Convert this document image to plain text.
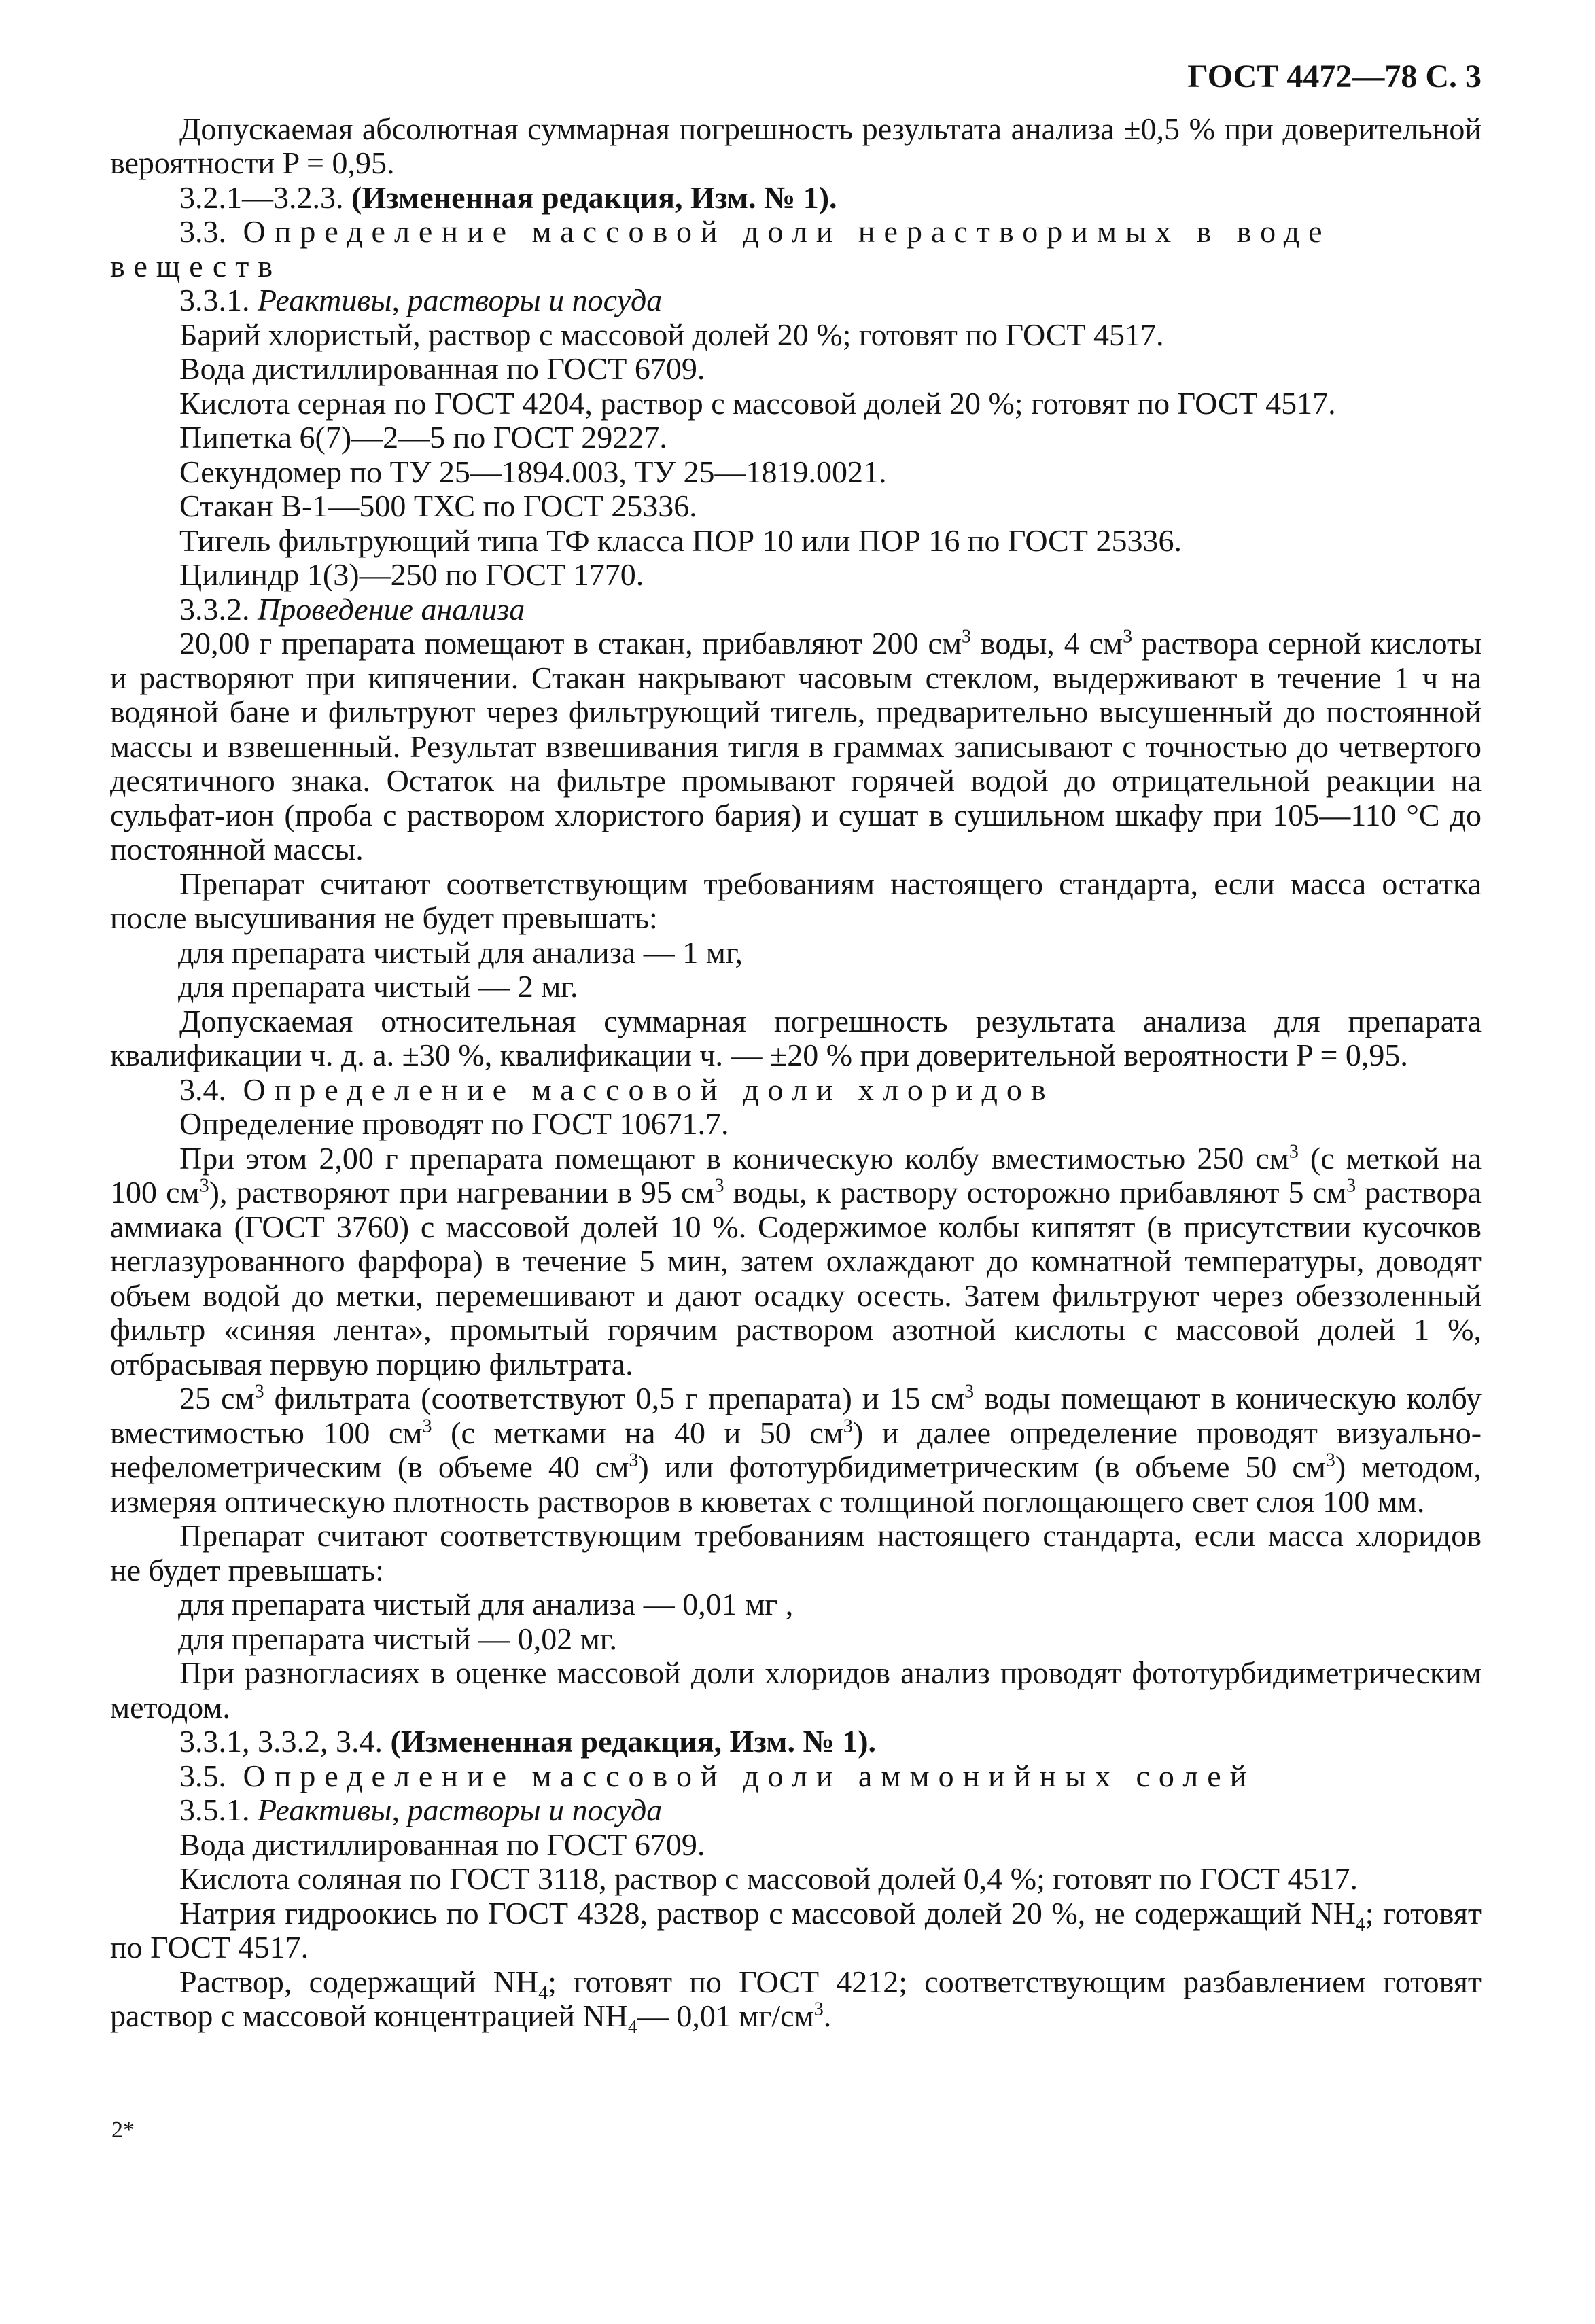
ГОСТ 4472—78 С. 3

Допускаемая абсолютная суммарная погрешность результата анализа ±0,5 % при доверительной вероятности P = 0,95.

3.2.1—3.2.3. (Измененная редакция, Изм. № 1).

3.3. Определение массовой доли нерастворимых в воде веществ

3.3.1. Реактивы, растворы и посуда

Барий хлористый, раствор с массовой долей 20 %; готовят по ГОСТ 4517.

Вода дистиллированная по ГОСТ 6709.

Кислота серная по ГОСТ 4204, раствор с массовой долей 20 %; готовят по ГОСТ 4517.

Пипетка 6(7)—2—5 по ГОСТ 29227.

Секундомер по ТУ 25—1894.003, ТУ 25—1819.0021.

Стакан В-1—500 ТХС по ГОСТ 25336.

Тигель фильтрующий типа ТФ класса ПОР 10 или ПОР 16 по ГОСТ 25336.

Цилиндр 1(3)—250 по ГОСТ 1770.

3.3.2. Проведение анализа

20,00 г препарата помещают в стакан, прибавляют 200 $см^3$ воды, 4 $см^3$ раствора серной кислоты и растворяют при кипячении. Стакан накрывают часовым стеклом, выдерживают в течение 1 ч на водяной бане и фильтруют через фильтрующий тигель, предварительно высушенный до постоянной массы и взвешенный. Результат взвешивания тигля в граммах записывают с точностью до четвертого десятичного знака. Остаток на фильтре промывают горячей водой до отрицательной реакции на сульфат-ион (проба с раствором хлористого бария) и сушат в сушильном шкафу при 105—110 °С до постоянной массы.

Препарат считают соответствующим требованиям настоящего стандарта, если масса остатка после высушивания не будет превышать:

для препарата чистый для анализа — 1 мг,

для препарата чистый — 2 мг.

Допускаемая относительная суммарная погрешность результата анализа для препарата квалификации ч. д. а. ±30 %, квалификации ч. — ±20 % при доверительной вероятности P = 0,95.

3.4. Определение массовой доли хлоридов

Определение проводят по ГОСТ 10671.7.

При этом 2,00 г препарата помещают в коническую колбу вместимостью 250 $см^3$ (с меткой на 100 $см^3$), растворяют при нагревании в 95 $см^3$ воды, к раствору осторожно прибавляют 5 $см^3$ раствора аммиака (ГОСТ 3760) с массовой долей 10 %. Содержимое колбы кипятят (в присутствии кусочков неглазурованного фарфора) в течение 5 мин, затем охлаждают до комнатной температуры, доводят объем водой до метки, перемешивают и дают осадку осесть. Затем фильтруют через обеззоленный фильтр «синяя лента», промытый горячим раствором азотной кислоты с массовой долей 1 %, отбрасывая первую порцию фильтрата.

25 $см^3$ фильтрата (соответствуют 0,5 г препарата) и 15 $см^3$ воды помещают в коническую колбу вместимостью 100 $см^3$ (с метками на 40 и 50 $см^3$) и далее определение проводят визуально-нефелометрическим (в объеме 40 $см^3$) или фототурбидиметрическим (в объеме 50 $см^3$) методом, измеряя оптическую плотность растворов в кюветах с толщиной поглощающего свет слоя 100 мм.

Препарат считают соответствующим требованиям настоящего стандарта, если масса хлоридов не будет превышать:

для препарата чистый для анализа — 0,01 мг ,

для препарата чистый — 0,02 мг.

При разногласиях в оценке массовой доли хлоридов анализ проводят фототурбидиметрическим методом.

3.3.1, 3.3.2, 3.4. (Измененная редакция, Изм. № 1).

3.5. Определение массовой доли аммонийных солей

3.5.1. Реактивы, растворы и посуда

Вода дистиллированная по ГОСТ 6709.

Кислота соляная по ГОСТ 3118, раствор с массовой долей 0,4 %; готовят по ГОСТ 4517.

Натрия гидроокись по ГОСТ 4328, раствор с массовой долей 20 %, не содержащий $NH_4$; готовят по ГОСТ 4517.

Раствор, содержащий $NH_4$; готовят по ГОСТ 4212; соответствующим разбавлением готовят раствор с массовой концентрацией $NH_4—$ 0,01 $мг/см^3$.

2*
